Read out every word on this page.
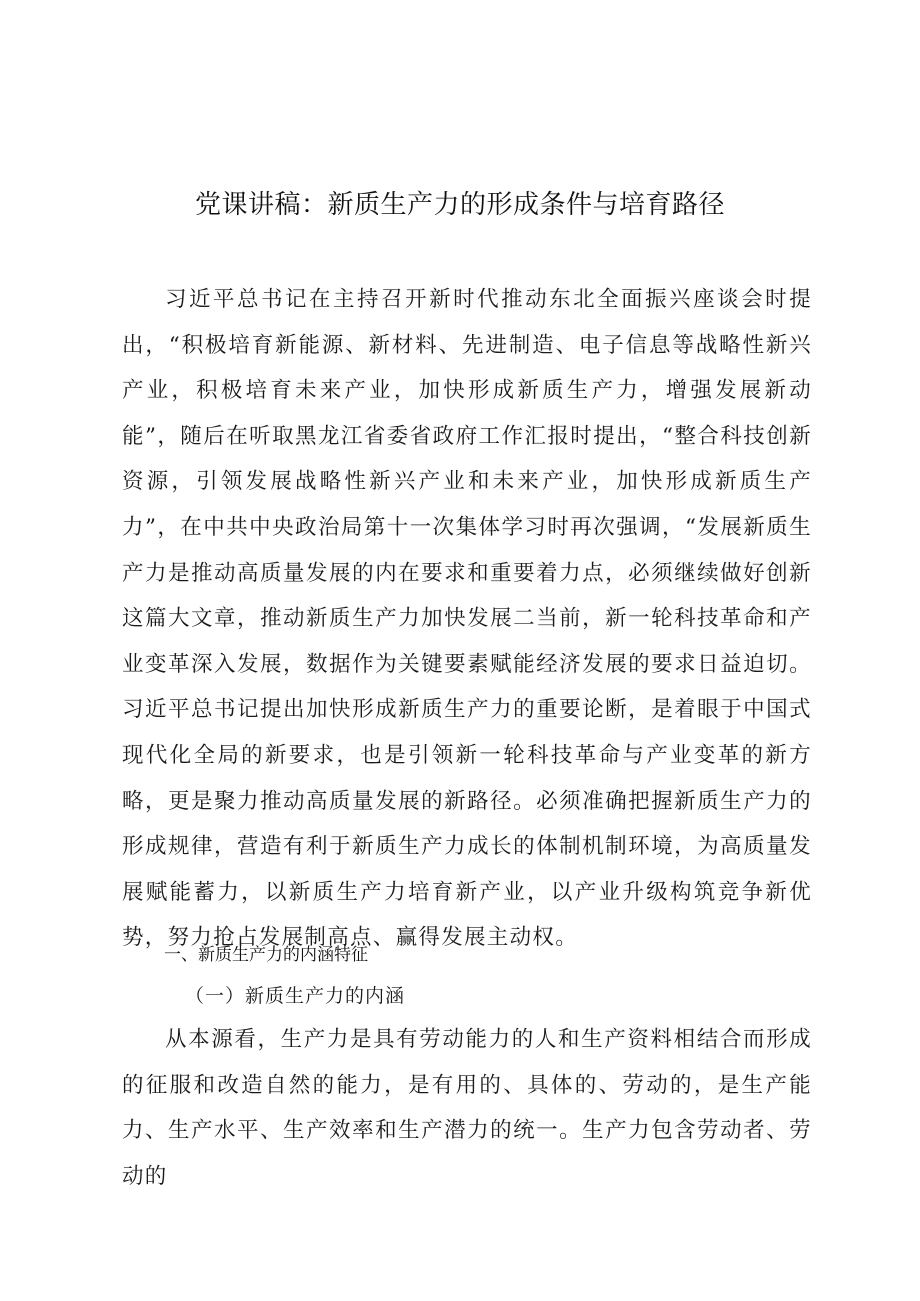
党课讲稿：新质生产力的形成条件与培育路径

习近平总书记在主持召开新时代推动东北全面振兴座谈会时提出，“积极培育新能源、新材料、先进制造、电子信息等战略性新兴产业，积极培育未来产业，加快形成新质生产力，增强发展新动能”，随后在听取黑龙江省委省政府工作汇报时提出，“整合科技创新资源，引领发展战略性新兴产业和未来产业，加快形成新质生产力”，在中共中央政治局第十一次集体学习时再次强调，“发展新质生产力是推动高质量发展的内在要求和重要着力点，必须继续做好创新这篇大文章，推动新质生产力加快发展二当前，新一轮科技革命和产业变革深入发展，数据作为关键要素赋能经济发展的要求日益迫切。习近平总书记提出加快形成新质生产力的重要论断，是着眼于中国式现代化全局的新要求，也是引领新一轮科技革命与产业变革的新方略，更是聚力推动高质量发展的新路径。必须准确把握新质生产力的形成规律，营造有利于新质生产力成长的体制机制环境，为高质量发展赋能蓄力，以新质生产力培育新产业，以产业升级构筑竞争新优势，努力抢占发展制高点、赢得发展主动权。

一、新质生产力的内涵特征
（一）新质生产力的内涵

从本源看，生产力是具有劳动能力的人和生产资料相结合而形成的征服和改造自然的能力，是有用的、具体的、劳动的，是生产能力、生产水平、生产效率和生产潜力的统一。生产力包含劳动者、劳动的
